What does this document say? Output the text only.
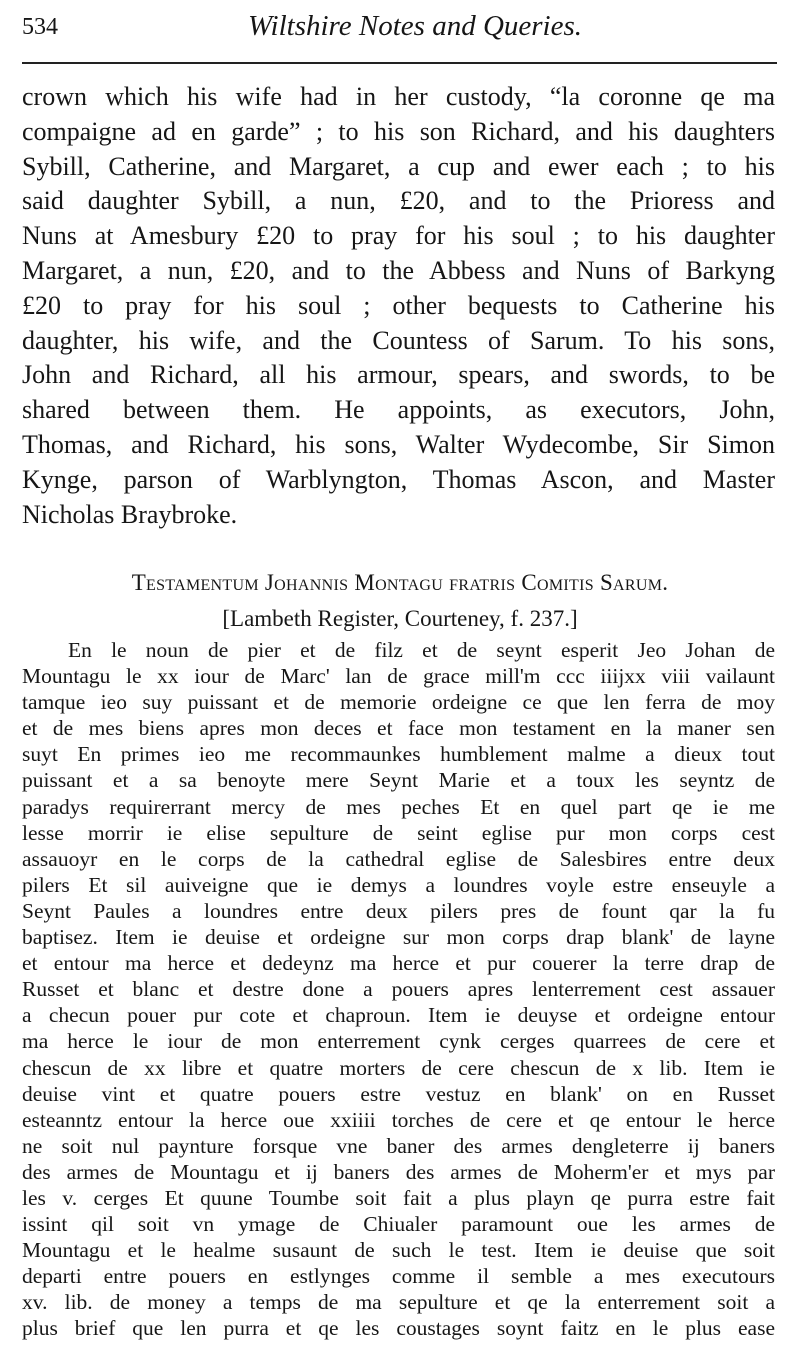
534	Wiltshire Notes and Queries.
crown which his wife had in her custody, “la coronne qe ma
compaigne ad en garde” ; to his son Richard, and his daughters
Sybill, Catherine, and Margaret, a cup and ewer each ; to his
said daughter Sybill, a nun, £20, and to the Prioress and
Nuns at Amesbury £20 to pray for his soul ; to his daughter
Margaret, a nun, £20, and to the Abbess and Nuns of Barkyng
£20 to pray for his soul ; other bequests to Catherine his
daughter, his wife, and the Countess of Sarum. To his sons,
John and Richard, all his armour, spears, and swords, to be
shared between them. He appoints, as executors, John,
Thomas, and Richard, his sons, Walter Wydecombe, Sir Simon
Kynge, parson of Warblyngton, Thomas Ascon, and Master
Nicholas Braybroke.
Testamentum Johannis Montagu fratris Comitis Sarum.
[Lambeth Register, Courteney, f. 237.]
En le noun de pier et de filz et de seynt esperit Jeo Johan de
Mountagu le xx iour de Marc' lan de grace mill'm ccc iiijxx viii vailaunt
tamque ieo suy puissant et de memorie ordeigne ce que len ferra de moy
et de mes biens apres mon deces et face mon testament en la maner sen
suyt En primes ieo me recommaunkes humblement malme a dieux tout
puissant et a sa benoyte mere Seynt Marie et a toux les seyntz de
paradys requirerrant mercy de mes peches Et en quel part qe ie me
lesse morrir ie elise sepulture de seint eglise pur mon corps cest
assauoyr en le corps de la cathedral eglise de Salesbires entre deux
pilers Et sil auiveigne que ie demys a loundres voyle estre enseuyle a
Seynt Paules a loundres entre deux pilers pres de fount qar la fu
baptisez. Item ie deuise et ordeigne sur mon corps drap blank' de layne
et entour ma herce et dedeynz ma herce et pur couerer la terre drap de
Russet et blanc et destre done a pouers apres lenterrement cest assauer
a checun pouer pur cote et chaproun. Item ie deuyse et ordeigne entour
ma herce le iour de mon enterrement cynk cerges quarrees de cere et
chescun de xx libre et quatre morters de cere chescun de x lib. Item ie
deuise vint et quatre pouers estre vestuz en blank' on en Russet
esteanntz entour la herce oue xxiiii torches de cere et qe entour le herce
ne soit nul paynture forsque vne baner des armes dengleterre ij baners
des armes de Mountagu et ij baners des armes de Moherm'er et mys par
les v. cerges Et quune Toumbe soit fait a plus playn qe purra estre fait
issint qil soit vn ymage de Chiualer paramount oue les armes de
Mountagu et le healme susaunt de such le test. Item ie deuise que soit
departi entre pouers en estlynges comme il semble a mes executours
xv. lib. de money a temps de ma sepulture et qe la enterrement soit a
plus brief que len purra et qe les coustages soynt faitz en le plus ease
